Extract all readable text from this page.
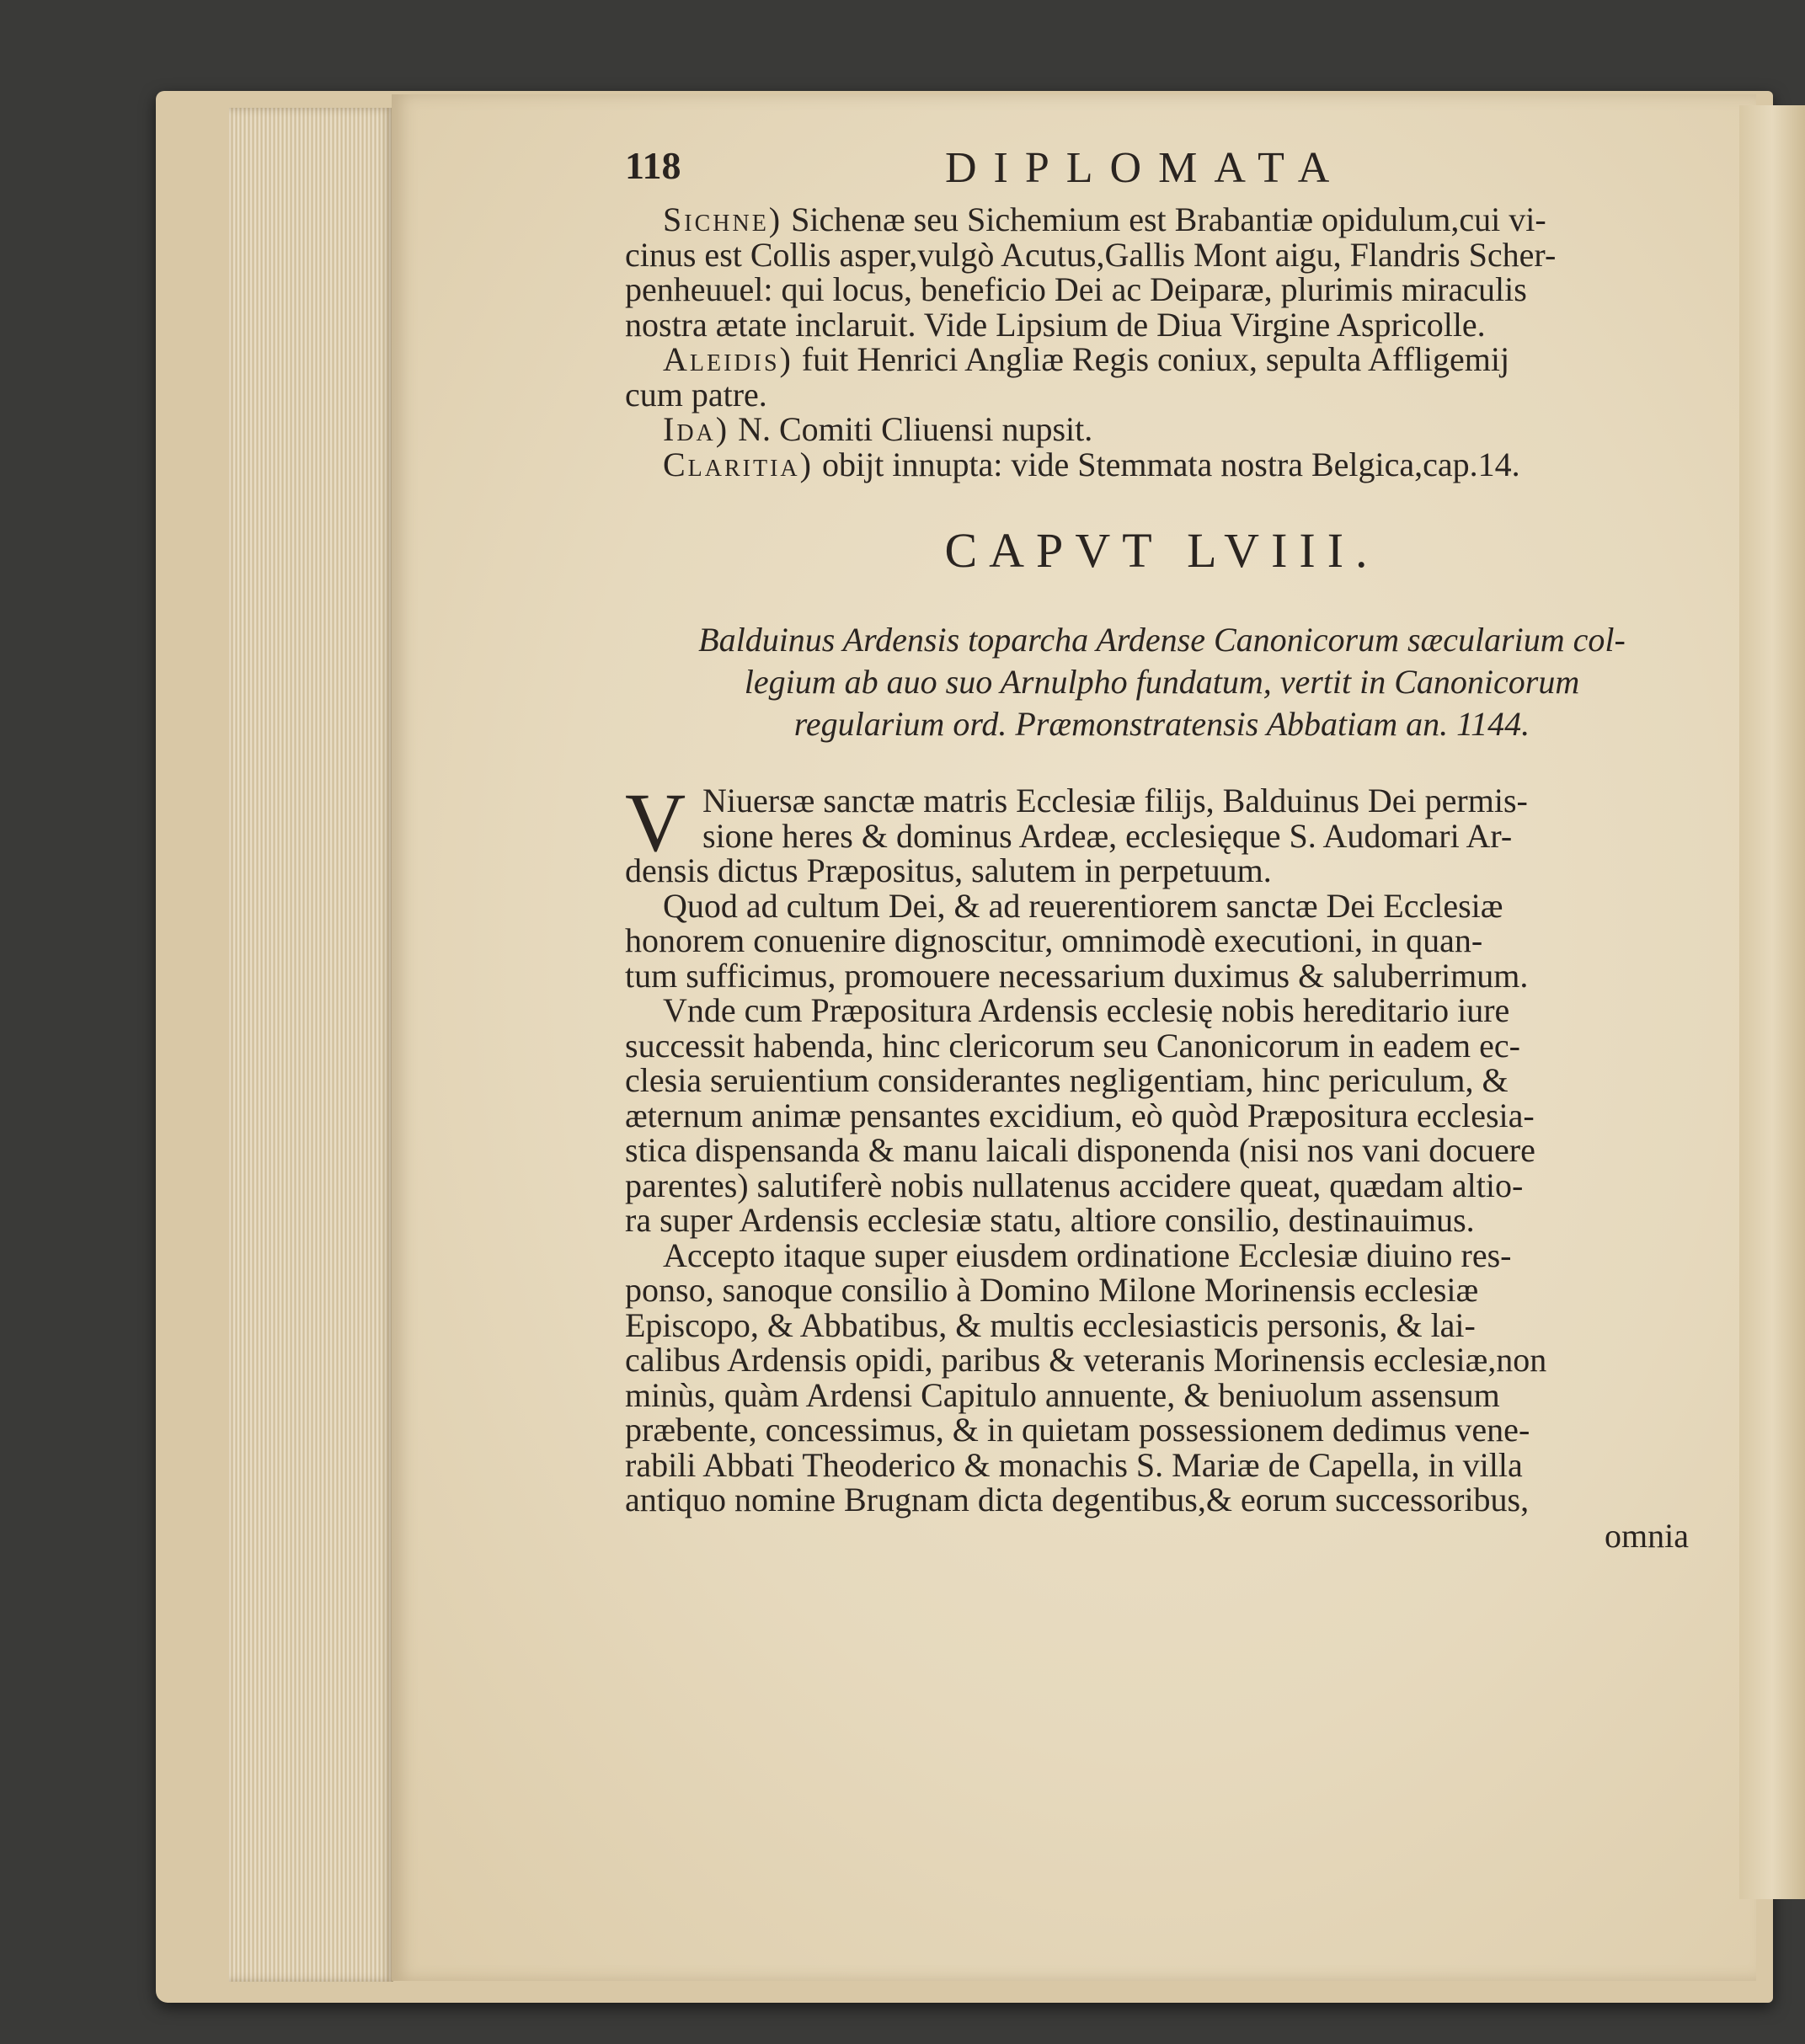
118	DIPLOMATA

Sichne) Sichenæ seu Sichemium est Brabantiæ opidulum,cui vi-

cinus est Collis asper,vulgò Acutus,Gallis Mont aigu, Flandris Scher-

penheuuel: qui locus, beneficio Dei ac Deiparæ, plurimis miraculis

nostra ætate inclaruit. Vide Lipsium de Diua Virgine Aspricolle.

Aleidis) fuit Henrici Angliæ Regis coniux, sepulta Affligemij

cum patre.

Ida) N. Comiti Cliuensi nupsit.

Claritia) obijt innupta: vide Stemmata nostra Belgica,cap.14.

CAPVT LVIII.
Balduinus Ardensis toparcha Ardense Canonicorum sæcularium col-
legium ab auo suo Arnulpho fundatum, vertit in Canonicorum
regularium ord. Præmonstratensis Abbatiam an. 1144.
V Niuersæ sanctæ matris Ecclesiæ filijs, Balduinus Dei permis-

sione heres & dominus Ardeæ, ecclesięque S. Audomari Ar-

densis dictus Præpositus, salutem in perpetuum.

Quod ad cultum Dei, & ad reuerentiorem sanctæ Dei Ecclesiæ

honorem conuenire dignoscitur, omnimodè executioni, in quan-

tum sufficimus, promouere necessarium duximus & saluberrimum.

Vnde cum Præpositura Ardensis ecclesię nobis hereditario iure

successit habenda, hinc clericorum seu Canonicorum in eadem ec-

clesia seruientium considerantes negligentiam, hinc periculum, &

æternum animæ pensantes excidium, eò quòd Præpositura ecclesia-

stica dispensanda & manu laicali disponenda (nisi nos vani docuere

parentes) salutiferè nobis nullatenus accidere queat, quædam altio-

ra super Ardensis ecclesiæ statu, altiore consilio, destinauimus.

Accepto itaque super eiusdem ordinatione Ecclesiæ diuino res-

ponso, sanoque consilio à Domino Milone Morinensis ecclesiæ

Episcopo, & Abbatibus, & multis ecclesiasticis personis, & lai-

calibus Ardensis opidi, paribus & veteranis Morinensis ecclesiæ,non

minùs, quàm Ardensi Capitulo annuente, & beniuolum assensum

præbente, concessimus, & in quietam possessionem dedimus vene-

rabili Abbati Theoderico & monachis S. Mariæ de Capella, in villa

antiquo nomine Brugnam dicta degentibus,& eorum successoribus,

omnia
